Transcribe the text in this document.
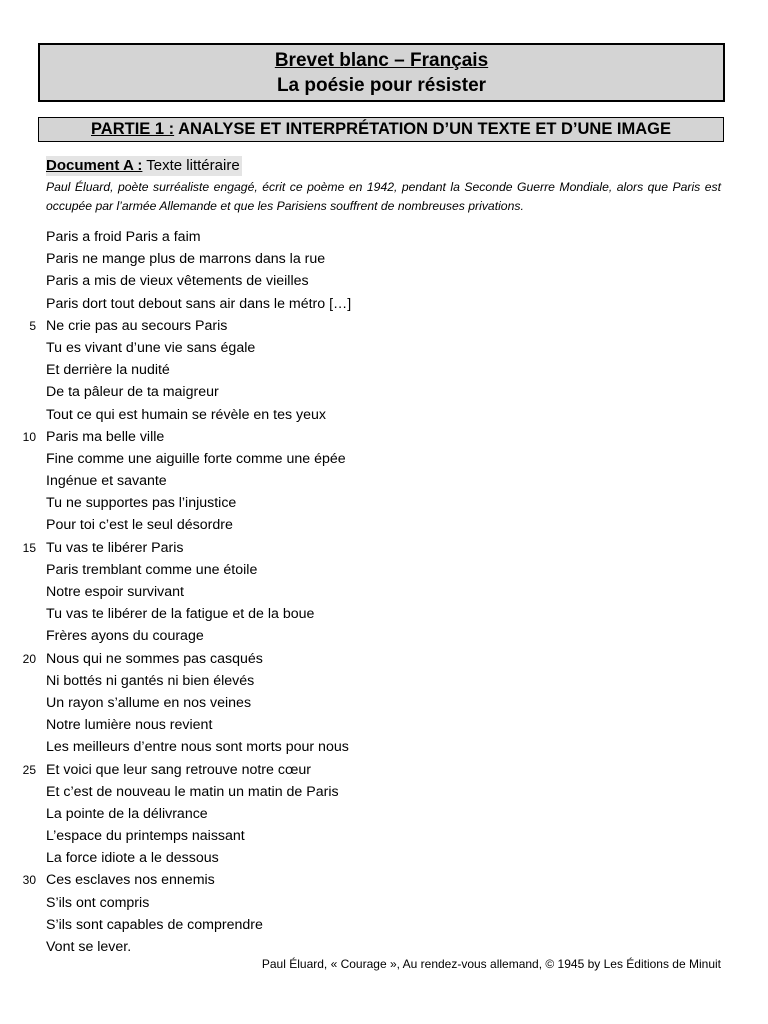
Brevet blanc – Français
La poésie pour résister
PARTIE 1 : ANALYSE ET INTERPRÉTATION D’UN TEXTE ET D’UNE IMAGE
Document A : Texte littéraire
Paul Éluard, poète surréaliste engagé, écrit ce poème en 1942, pendant la Seconde Guerre Mondiale, alors que Paris est occupée par l’armée Allemande et que les Parisiens souffrent de nombreuses privations.
Paris a froid Paris a faim
Paris ne mange plus de marrons dans la rue
Paris a mis de vieux vêtements de vieilles
Paris dort tout debout sans air dans le métro […]
5 Ne crie pas au secours Paris
Tu es vivant d’une vie sans égale
Et derrière la nudité
De ta pâleur de ta maigreur
Tout ce qui est humain se révèle en tes yeux
10 Paris ma belle ville
Fine comme une aiguille forte comme une épée
Ingénue et savante
Tu ne supportes pas l’injustice
Pour toi c’est le seul désordre
15 Tu vas te libérer Paris
Paris tremblant comme une étoile
Notre espoir survivant
Tu vas te libérer de la fatigue et de la boue
Frères ayons du courage
20 Nous qui ne sommes pas casqués
Ni bottés ni gantés ni bien élevés
Un rayon s’allume en nos veines
Notre lumière nous revient
Les meilleurs d’entre nous sont morts pour nous
25 Et voici que leur sang retrouve notre cœur
Et c’est de nouveau le matin un matin de Paris
La pointe de la délivrance
L’espace du printemps naissant
La force idiote a le dessous
30 Ces esclaves nos ennemis
S’ils ont compris
S’ils sont capables de comprendre
Vont se lever.
Paul Éluard, « Courage », Au rendez-vous allemand, © 1945 by Les Éditions de Minuit
